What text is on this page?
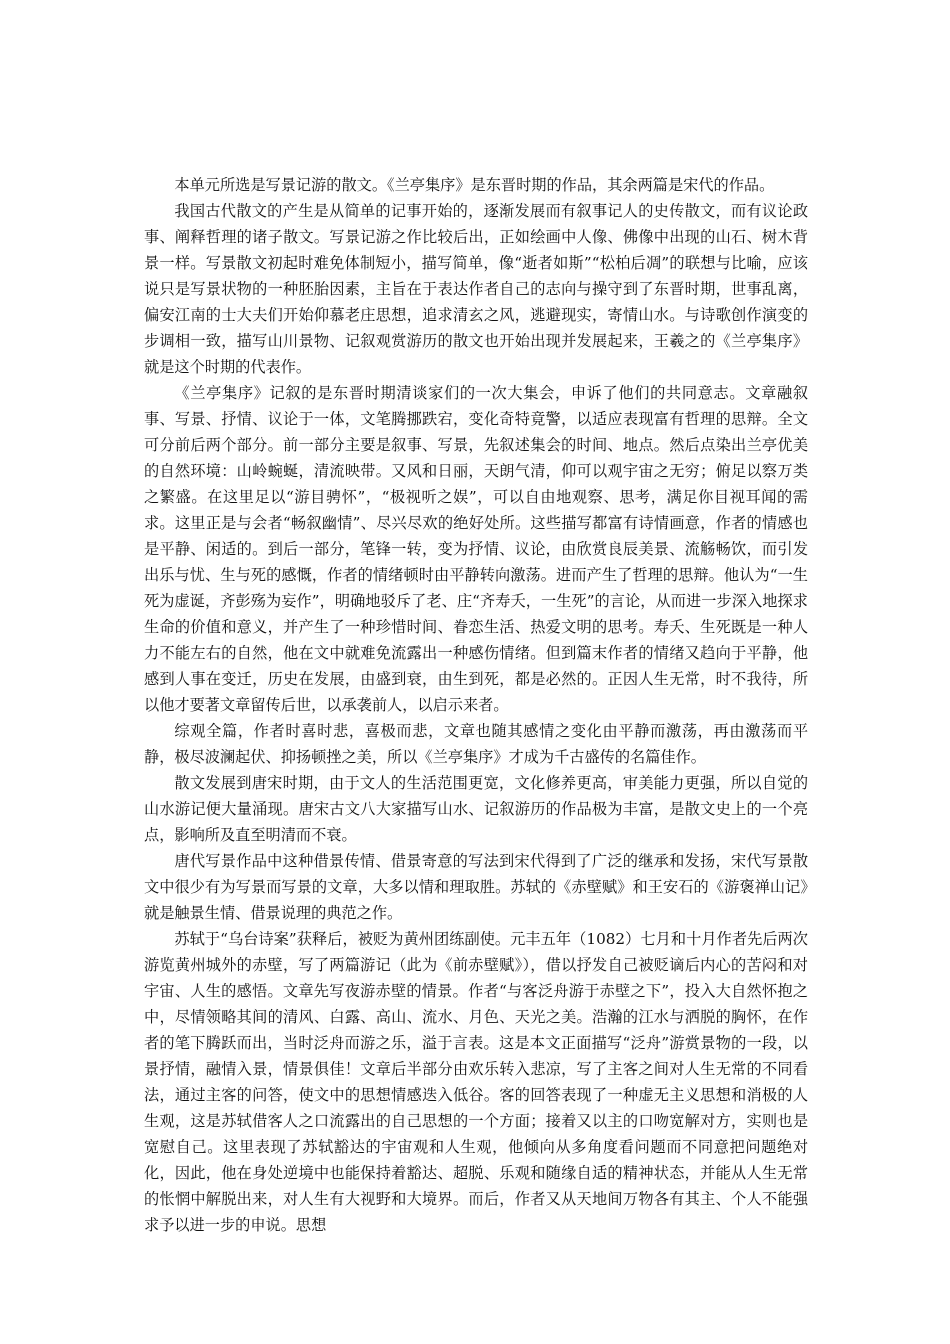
本单元所选是写景记游的散文。《兰亭集序》是东晋时期的作品，其余两篇是宋代的作品。

我国古代散文的产生是从简单的记事开始的，逐渐发展而有叙事记人的史传散文，而有议论政事、阐释哲理的诸子散文。写景记游之作比较后出，正如绘画中人像、佛像中出现的山石、树木背景一样。写景散文初起时难免体制短小，描写简单，像“逝者如斯”“松柏后凋”的联想与比喻，应该说只是写景状物的一种胚胎因素，主旨在于表达作者自己的志向与操守到了东晋时期，世事乱离，偏安江南的士大夫们开始仰慕老庄思想，追求清玄之风，逃避现实，寄情山水。与诗歌创作演变的步调相一致，描写山川景物、记叙观赏游历的散文也开始出现并发展起来，王羲之的《兰亭集序》就是这个时期的代表作。

《兰亭集序》记叙的是东晋时期清谈家们的一次大集会，申诉了他们的共同意志。文章融叙事、写景、抒情、议论于一体，文笔腾挪跌宕，变化奇特竟警，以适应表现富有哲理的思辩。全文可分前后两个部分。前一部分主要是叙事、写景，先叙述集会的时间、地点。然后点染出兰亭优美的自然环境：山岭蜿蜒，清流映带。又风和日丽，天朗气清，仰可以观宇宙之无穷；俯足以察万类之繁盛。在这里足以“游目骋怀”，“极视听之娱”，可以自由地观察、思考，满足你目视耳闻的需求。这里正是与会者“畅叙幽情”、尽兴尽欢的绝好处所。这些描写都富有诗情画意，作者的情感也是平静、闲适的。到后一部分，笔锋一转，变为抒情、议论，由欣赏良辰美景、流觞畅饮，而引发出乐与忧、生与死的感慨，作者的情绪顿时由平静转向激荡。进而产生了哲理的思辩。他认为“一生死为虚诞，齐彭殇为妄作”，明确地驳斥了老、庄“齐寿夭，一生死”的言论，从而进一步深入地探求生命的价值和意义，并产生了一种珍惜时间、眷恋生活、热爱文明的思考。寿夭、生死既是一种人力不能左右的自然，他在文中就难免流露出一种感伤情绪。但到篇末作者的情绪又趋向于平静，他感到人事在变迁，历史在发展，由盛到衰，由生到死，都是必然的。正因人生无常，时不我待，所以他才要著文章留传后世，以承袭前人，以启示来者。

综观全篇，作者时喜时悲，喜极而悲，文章也随其感情之变化由平静而激荡，再由激荡而平静，极尽波澜起伏、抑扬顿挫之美，所以《兰亭集序》才成为千古盛传的名篇佳作。

散文发展到唐宋时期，由于文人的生活范围更宽，文化修养更高，审美能力更强，所以自觉的山水游记便大量涌现。唐宋古文八大家描写山水、记叙游历的作品极为丰富，是散文史上的一个亮点，影响所及直至明清而不衰。

唐代写景作品中这种借景传情、借景寄意的写法到宋代得到了广泛的继承和发扬，宋代写景散文中很少有为写景而写景的文章，大多以情和理取胜。苏轼的《赤壁赋》和王安石的《游褒禅山记》就是触景生情、借景说理的典范之作。

苏轼于“乌台诗案”获释后，被贬为黄州团练副使。元丰五年（1082）七月和十月作者先后两次游览黄州城外的赤壁，写了两篇游记（此为《前赤壁赋》），借以抒发自己被贬谪后内心的苦闷和对宇宙、人生的感悟。文章先写夜游赤壁的情景。作者“与客泛舟游于赤壁之下”，投入大自然怀抱之中，尽情领略其间的清风、白露、高山、流水、月色、天光之美。浩瀚的江水与洒脱的胸怀，在作者的笔下腾跃而出，当时泛舟而游之乐，溢于言表。这是本文正面描写“泛舟”游赏景物的一段，以景抒情，融情入景，情景俱佳！文章后半部分由欢乐转入悲凉，写了主客之间对人生无常的不同看法，通过主客的问答，使文中的思想情感迭入低谷。客的回答表现了一种虚无主义思想和消极的人生观，这是苏轼借客人之口流露出的自己思想的一个方面；接着又以主的口吻宽解对方，实则也是宽慰自己。这里表现了苏轼豁达的宇宙观和人生观，他倾向从多角度看问题而不同意把问题绝对化，因此，他在身处逆境中也能保持着豁达、超脱、乐观和随缘自适的精神状态，并能从人生无常的怅惘中解脱出来，对人生有大视野和大境界。而后，作者又从天地间万物各有其主、个人不能强求予以进一步的申说。思想
